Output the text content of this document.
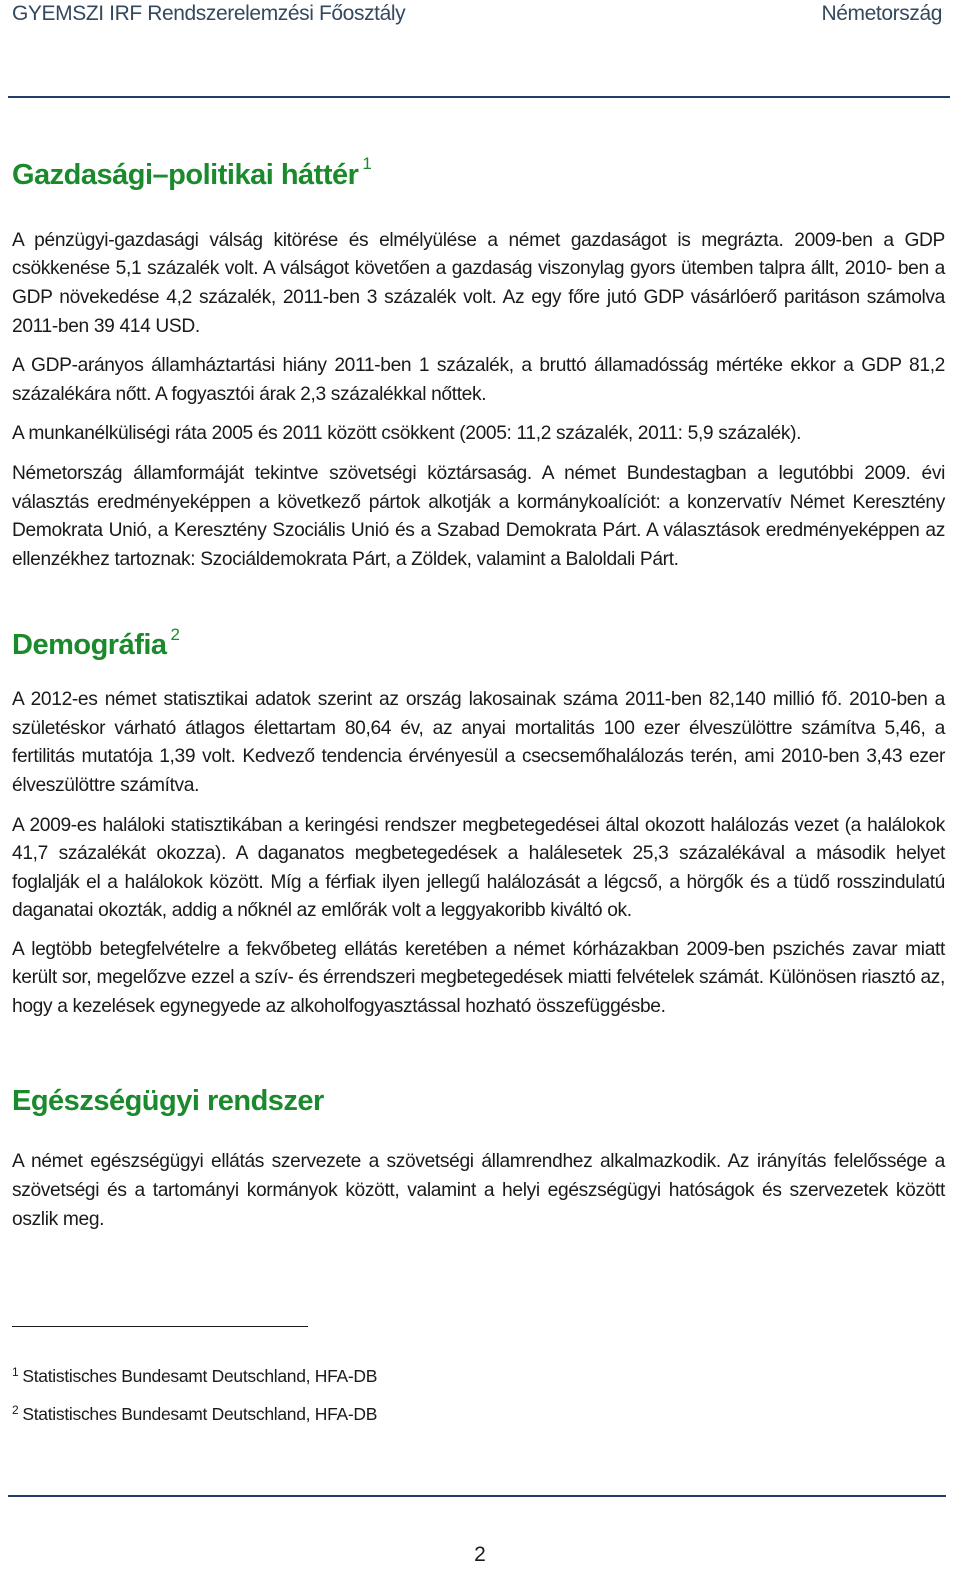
GYEMSZI IRF Rendszerelemzési Főosztály	Németország
Gazdasági–politikai háttér $^1$

A pénzügyi-gazdasági válság kitörése és elmélyülése a német gazdaságot is megrázta. 2009-ben a GDP csökkenése 5,1 százalék volt. A válságot követően a gazdaság viszonylag gyors ütemben talpra állt, 2010- ben a GDP növekedése 4,2 százalék, 2011-ben 3 százalék volt. Az egy főre jutó GDP vásárlóerő paritáson számolva 2011-ben 39 414 USD.

A GDP-arányos államháztartási hiány 2011-ben 1 százalék, a bruttó államadósság mértéke ekkor a GDP 81,2 százalékára nőtt. A fogyasztói árak 2,3 százalékkal nőttek.

A munkanélküliségi ráta 2005 és 2011 között csökkent (2005: 11,2 százalék, 2011: 5,9 százalék).

Németország államformáját tekintve szövetségi köztársaság. A német Bundestagban a legutóbbi 2009. évi választás eredményeképpen a következő pártok alkotják a kormánykoalíciót: a konzervatív Német Keresztény Demokrata Unió, a Keresztény Szociális Unió és a Szabad Demokrata Párt. A választások eredményeképpen az ellenzékhez tartoznak: Szociáldemokrata Párt, a Zöldek, valamint a Baloldali Párt.

Demográfia $^2$

A 2012-es német statisztikai adatok szerint az ország lakosainak száma 2011-ben 82,140 millió fő. 2010-ben a születéskor várható átlagos élettartam 80,64 év, az anyai mortalitás 100 ezer élveszülöttre számítva 5,46, a fertilitás mutatója 1,39 volt. Kedvező tendencia érvényesül a csecsemőhalálozás terén, ami 2010-ben 3,43 ezer élveszülöttre számítva.

A 2009-es haláloki statisztikában a keringési rendszer megbetegedései által okozott halálozás vezet (a halálokok 41,7 százalékát okozza). A daganatos megbetegedések a halálesetek 25,3 százalékával a második helyet foglalják el a halálokok között. Míg a férfiak ilyen jellegű halálozását a légcső, a hörgők és a tüdő rosszindulatú daganatai okozták, addig a nőknél az emlőrák volt a leggyakoribb kiváltó ok.

A legtöbb betegfelvételre a fekvőbeteg ellátás keretében a német kórházakban 2009-ben pszichés zavar miatt került sor, megelőzve ezzel a szív- és érrendszeri megbetegedések miatti felvételek számát. Különösen riasztó az, hogy a kezelések egynegyede az alkoholfogyasztással hozható összefüggésbe.

Egészségügyi rendszer

A német egészségügyi ellátás szervezete a szövetségi államrendhez alkalmazkodik. Az irányítás felelőssége a szövetségi és a tartományi kormányok között, valamint a helyi egészségügyi hatóságok és szervezetek között oszlik meg.

$^1$ Statistisches Bundesamt Deutschland, HFA-DB
$^2$ Statistisches Bundesamt Deutschland, HFA-DB
2
